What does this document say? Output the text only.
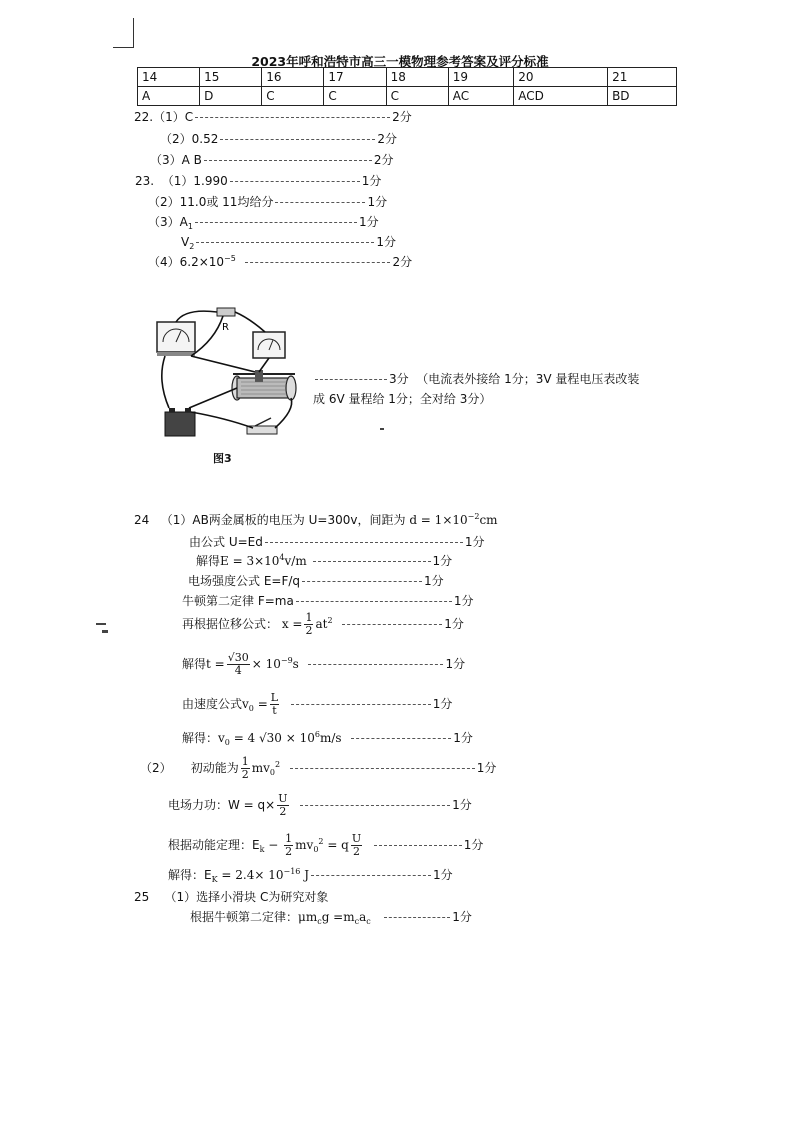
2023年呼和浩特市高三一模物理参考答案及评分标准
14	15	16	17	18	19	20	21
A	D	C	C	C	AC	ACD	BD
22.（1）C	2分
（2）0.52	2分
（3）A B	2分
23. （1）1.990	1分
（2）11.0或 11均给分	1分
$(3)A_1$	1分
$V_2$	1分
$(4)6.2\times 10^{-5}$	2分
R
图3
3分 （电流表外接给 1分；3V 量程电压表改装
成 6V 量程给 1分；全对给 3分）
24 （1）AB两金属板的电压为 U=300v，间距为 $d = 1\times 10^{-2}cm$
由公式 U=Ed	1分
解得$E = 3\times 10^4v/m$	1分
电场强度公式 E=F/q	1分
牛顿第二定律 F=ma	1分
再根据位移公式： $x = \frac{1}{2} at^2$	1分
解得$t = \frac{√30}{4} \times 10^{-9}s$	1分
由速度公式$v_0 = \frac{L}{t}$	1分
解得：$v_0 = 4$ $√30 \times 10^6m/s$	1分
（2） 初动能为 $\frac{1}{2} mv_0^2$	1分
电场力功：$W = q\times \frac{U}{2}$	1分
根据动能定理：$E_k - \frac{1}{2} mv_0^2 = q \frac{U}{2}$	1分
解得：$E_K = 2.4\times 10^{-16}$ J	1分
25 （1）选择小滑块 C为研究对象
根据牛顿第二定律：$\mu m_cg =m_ca_c$	1分
